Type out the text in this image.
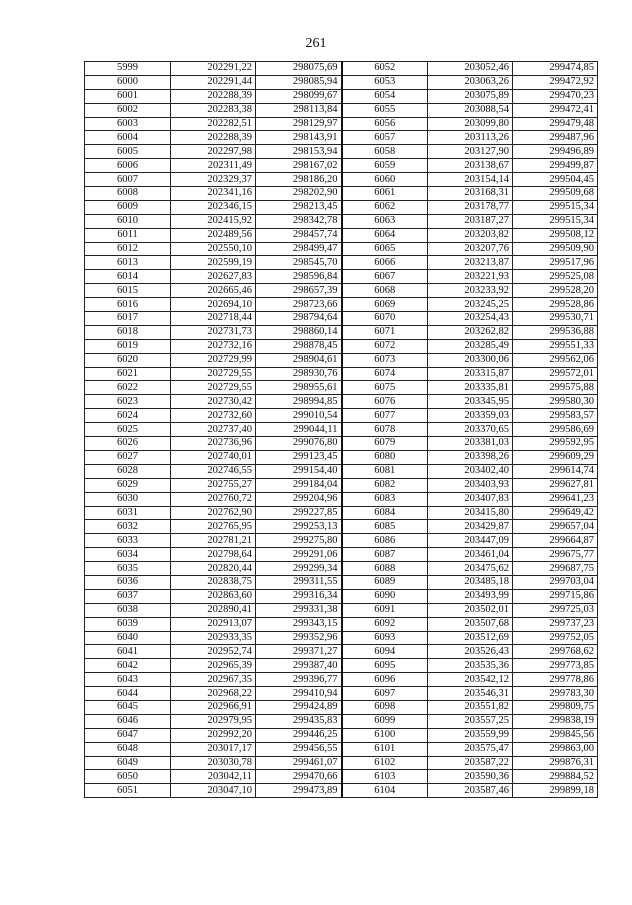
261
5999	202291,22	298075,69	6052	203052,46	299474,85
6000	202291,44	298085,94	6053	203063,26	299472,92
6001	202288,39	298099,67	6054	203075,89	299470,23
6002	202283,38	298113,84	6055	203088,54	299472,41
6003	202282,51	298129,97	6056	203099,80	299479,48
6004	202288,39	298143,91	6057	203113,26	299487,96
6005	202297,98	298153,94	6058	203127,90	299496,89
6006	202311,49	298167,02	6059	203138,67	299499,87
6007	202329,37	298186,20	6060	203154,14	299504,45
6008	202341,16	298202,90	6061	203168,31	299509,68
6009	202346,15	298213,45	6062	203178,77	299515,34
6010	202415,92	298342,78	6063	203187,27	299515,34
6011	202489,56	298457,74	6064	203203,82	299508,12
6012	202550,10	298499,47	6065	203207,76	299509,90
6013	202599,19	298545,70	6066	203213,87	299517,96
6014	202627,83	298596,84	6067	203221,93	299525,08
6015	202665,46	298657,39	6068	203233,92	299528,20
6016	202694,10	298723,66	6069	203245,25	299528,86
6017	202718,44	298794,64	6070	203254,43	299530,71
6018	202731,73	298860,14	6071	203262,82	299536,88
6019	202732,16	298878,45	6072	203285,49	299551,33
6020	202729,99	298904,61	6073	203300,06	299562,06
6021	202729,55	298930,76	6074	203315,87	299572,01
6022	202729,55	298955,61	6075	203335,81	299575,88
6023	202730,42	298994,85	6076	203345,95	299580,30
6024	202732,60	299010,54	6077	203359,03	299583,57
6025	202737,40	299044,11	6078	203370,65	299586,69
6026	202736,96	299076,80	6079	203381,03	299592,95
6027	202740,01	299123,45	6080	203398,26	299609,29
6028	202746,55	299154,40	6081	203402,40	299614,74
6029	202755,27	299184,04	6082	203403,93	299627,81
6030	202760,72	299204,96	6083	203407,83	299641,23
6031	202762,90	299227,85	6084	203415,80	299649,42
6032	202765,95	299253,13	6085	203429,87	299657,04
6033	202781,21	299275,80	6086	203447,09	299664,87
6034	202798,64	299291,06	6087	203461,04	299675,77
6035	202820,44	299299,34	6088	203475,62	299687,75
6036	202838,75	299311,55	6089	203485,18	299703,04
6037	202863,60	299316,34	6090	203493,99	299715,86
6038	202890,41	299331,38	6091	203502,01	299725,03
6039	202913,07	299343,15	6092	203507,68	299737,23
6040	202933,35	299352,96	6093	203512,69	299752,05
6041	202952,74	299371,27	6094	203526,43	299768,62
6042	202965,39	299387,40	6095	203535,36	299773,85
6043	202967,35	299396,77	6096	203542,12	299778,86
6044	202968,22	299410,94	6097	203546,31	299783,30
6045	202966,91	299424,89	6098	203551,82	299809,75
6046	202979,95	299435,83	6099	203557,25	299838,19
6047	202992,20	299446,25	6100	203559,99	299845,56
6048	203017,17	299456,55	6101	203575,47	299863,00
6049	203030,78	299461,07	6102	203587,22	299876,31
6050	203042,11	299470,66	6103	203590,36	299884,52
6051	203047,10	299473,89	6104	203587,46	299899,18
